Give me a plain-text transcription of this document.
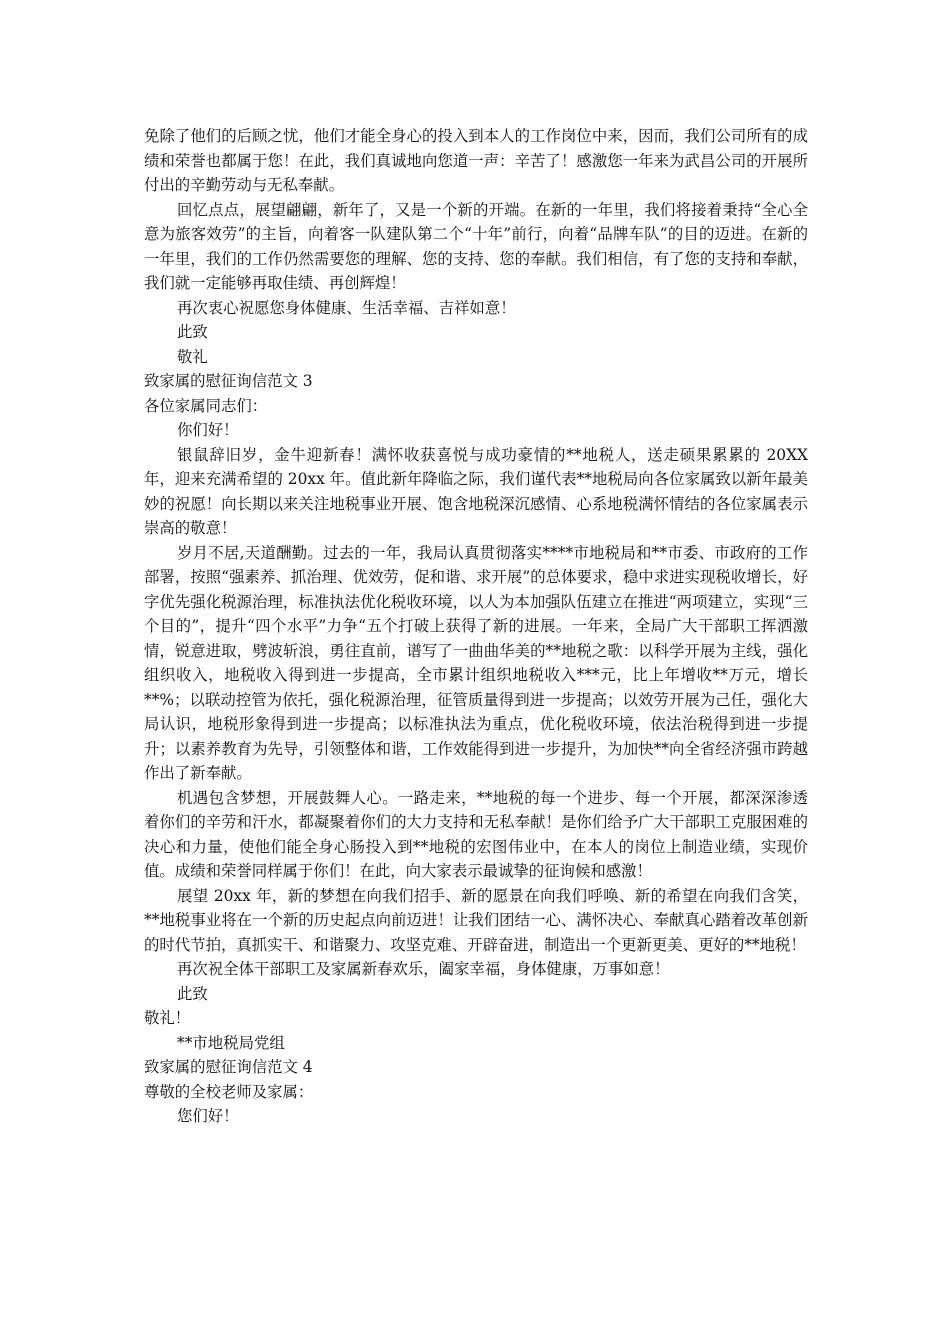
免除了他们的后顾之忧，他们才能全身心的投入到本人的工作岗位中来，因而，我们公司所有的成绩和荣誉也都属于您！在此，我们真诚地向您道一声：辛苦了！感激您一年来为武昌公司的开展所付出的辛勤劳动与无私奉献。

回忆点点，展望翩翩，新年了，又是一个新的开端。在新的一年里，我们将接着秉持“全心全意为旅客效劳”的主旨，向着客一队建队第二个“十年”前行，向着“品牌车队”的目的迈进。在新的一年里，我们的工作仍然需要您的理解、您的支持、您的奉献。我们相信，有了您的支持和奉献，我们就一定能够再取佳绩、再创辉煌！

再次衷心祝愿您身体健康、生活幸福、吉祥如意！

此致

敬礼

致家属的慰征询信范文 3

各位家属同志们：

你们好！

银鼠辞旧岁，金牛迎新春！满怀收获喜悦与成功豪情的**地税人，送走硕果累累的 20XX 年，迎来充满希望的 20xx 年。值此新年降临之际，我们谨代表**地税局向各位家属致以新年最美妙的祝愿！向长期以来关注地税事业开展、饱含地税深沉感情、心系地税满怀情结的各位家属表示崇高的敬意！

岁月不居,天道酬勤。过去的一年，我局认真贯彻落实****市地税局和**市委、市政府的工作部署，按照“强素养、抓治理、优效劳，促和谐、求开展”的总体要求，稳中求进实现税收增长，好字优先强化税源治理，标准执法优化税收环境，以人为本加强队伍建立在推进“两项建立，实现“三个目的”，提升“四个水平”力争“五个打破上获得了新的进展。一年来，全局广大干部职工挥洒激情，锐意进取，劈波斩浪，勇往直前，谱写了一曲曲华美的**地税之歌：以科学开展为主线，强化组织收入，地税收入得到进一步提高，全市累计组织地税收入***元，比上年增收**万元，增长**%；以联动控管为依托，强化税源治理，征管质量得到进一步提高；以效劳开展为己任，强化大局认识，地税形象得到进一步提高；以标准执法为重点，优化税收环境，依法治税得到进一步提升；以素养教育为先导，引领整体和谐，工作效能得到进一步提升，为加快**向全省经济强市跨越作出了新奉献。

机遇包含梦想，开展鼓舞人心。一路走来，**地税的每一个进步、每一个开展，都深深渗透着你们的辛劳和汗水，都凝聚着你们的大力支持和无私奉献！是你们给予广大干部职工克服困难的决心和力量，使他们能全身心肠投入到**地税的宏图伟业中，在本人的岗位上制造业绩，实现价值。成绩和荣誉同样属于你们！在此，向大家表示最诚挚的征询候和感激！

展望 20xx 年，新的梦想在向我们招手、新的愿景在向我们呼唤、新的希望在向我们含笑，**地税事业将在一个新的历史起点向前迈进！让我们团结一心、满怀决心、奉献真心踏着改革创新的时代节拍，真抓实干、和谐聚力、攻坚克难、开辟奋进，制造出一个更新更美、更好的**地税！

再次祝全体干部职工及家属新春欢乐，阖家幸福，身体健康，万事如意！

此致

敬礼！

**市地税局党组

致家属的慰征询信范文 4

尊敬的全校老师及家属：

您们好！
